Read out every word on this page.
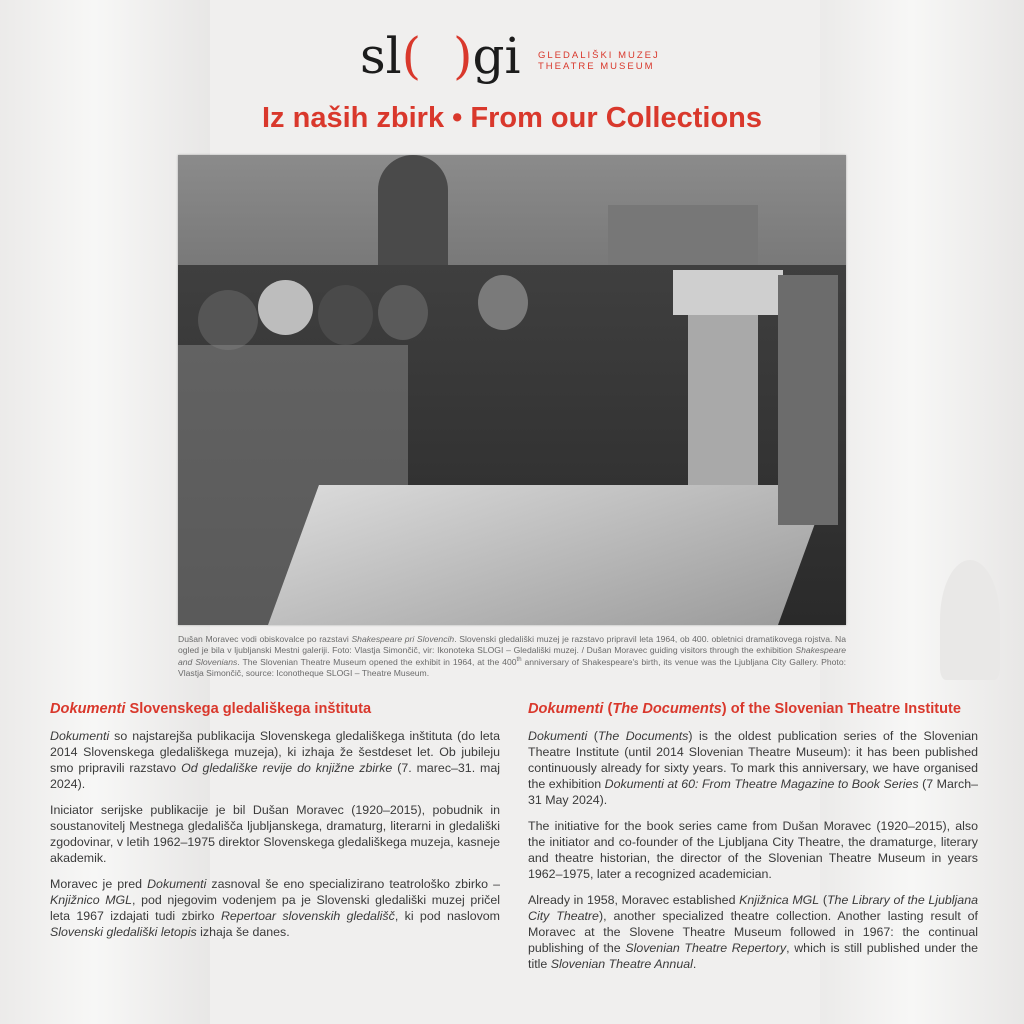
sl( )gi GLEDALIŠKI MUZEJ
THEATRE MUSEUM
Iz naših zbirk • From our Collections
Dušan Moravec vodi obiskovalce po razstavi Shakespeare pri Slovencih. Slovenski gledališki muzej je razstavo pripravil leta 1964, ob 400. obletnici dramatikovega rojstva. Na ogled je bila v ljubljanski Mestni galeriji. Foto: Vlastja Simončič, vir: Ikonoteka SLOGI – Gledališki muzej. / Dušan Moravec guiding visitors through the exhibition Shakespeare and Slovenians. The Slovenian Theatre Museum opened the exhibit in 1964, at the 400th anniversary of Shakespeare's birth, its venue was the Ljubljana City Gallery. Photo: Vlastja Simončič, source: Iconotheque SLOGI – Theatre Museum.
Dokumenti Slovenskega gledališkega inštituta

Dokumenti so najstarejša publikacija Slovenskega gledališkega inštituta (do leta 2014 Slovenskega gledališkega muzeja), ki izhaja že šestdeset let. Ob jubileju smo pripravili razstavo Od gledališke revije do knjižne zbirke (7. marec–31. maj 2024).

Iniciator serijske publikacije je bil Dušan Moravec (1920–2015), pobudnik in soustanovitelj Mestnega gledališča ljubljanskega, dramaturg, literarni in gledališki zgodovinar, v letih 1962–1975 direktor Slovenskega gledališkega muzeja, kasneje akademik.

Moravec je pred Dokumenti zasnoval še eno specializirano teatrološko zbirko – Knjižnico MGL, pod njegovim vodenjem pa je Slovenski gledališki muzej pričel leta 1967 izdajati tudi zbirko Repertoar slovenskih gledališč, ki pod naslovom Slovenski gledališki letopis izhaja še danes.

Dokumenti (The Documents) of the Slovenian Theatre Institute

Dokumenti (The Documents) is the oldest publication series of the Slovenian Theatre Institute (until 2014 Slovenian Theatre Museum): it has been published continuously already for sixty years. To mark this anniversary, we have organised the exhibition Dokumenti at 60: From Theatre Magazine to Book Series (7 March–31 May 2024).

The initiative for the book series came from Dušan Moravec (1920–2015), also the initiator and co-founder of the Ljubljana City Theatre, the dramaturge, literary and theatre historian, the director of the Slovenian Theatre Museum in years 1962–1975, later a recognized academician.

Already in 1958, Moravec established Knjižnica MGL (The Library of the Ljubljana City Theatre), another specialized theatre collection. Another lasting result of Moravec at the Slovene Theatre Museum followed in 1967: the continual publishing of the Slovenian Theatre Repertory, which is still published under the title Slovenian Theatre Annual.
